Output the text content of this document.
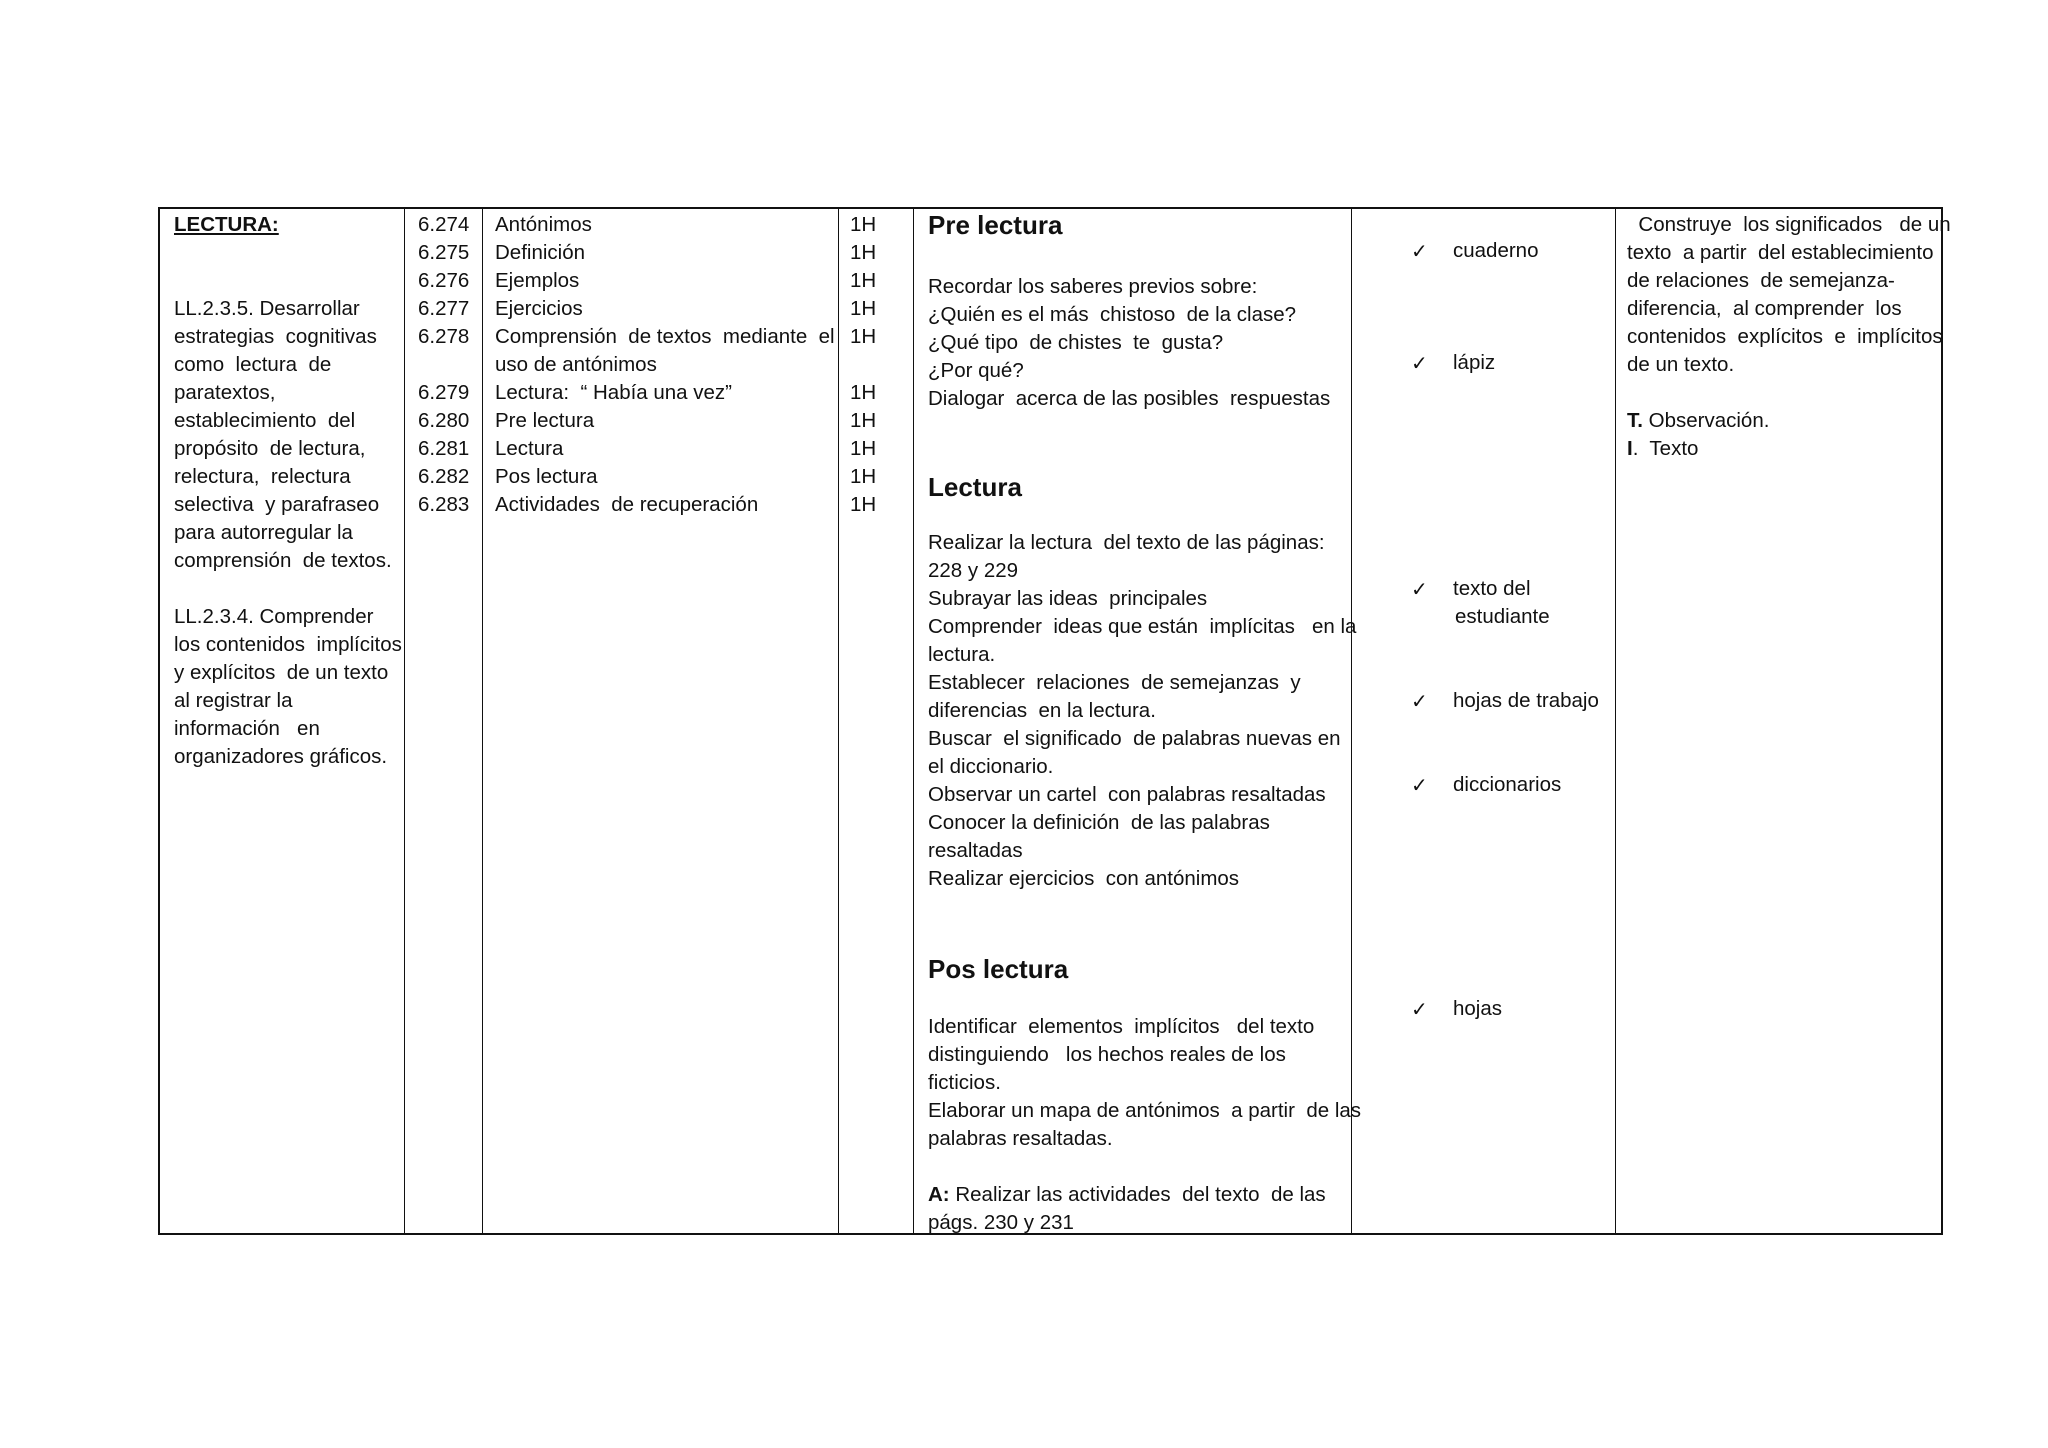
LECTURA:
LL.2.3.5. Desarrollar
estrategias  cognitivas
como  lectura  de
paratextos,
establecimiento  del
propósito  de lectura,
relectura,  relectura
selectiva  y parafraseo
para autorregular la
comprensión  de textos.
LL.2.3.4. Comprender
los contenidos  implícitos
y explícitos  de un texto
al registrar la
información   en
organizadores gráficos.
6.274
6.275
6.276
6.277
6.278
6.279
6.280
6.281
6.282
6.283
Antónimos
Definición
Ejemplos
Ejercicios
Comprensión  de textos  mediante  el
uso de antónimos
Lectura:  “ Había una vez”
Pre lectura
Lectura
Pos lectura
Actividades  de recuperación
1H
1H
1H
1H
1H
1H
1H
1H
1H
1H
Pre lectura
Recordar los saberes previos sobre:
¿Quién es el más  chistoso  de la clase?
¿Qué tipo  de chistes  te  gusta?
¿Por qué?
Dialogar  acerca de las posibles  respuestas
Lectura
Realizar la lectura  del texto de las páginas:
228 y 229
Subrayar las ideas  principales
Comprender  ideas que están  implícitas   en la
lectura.
Establecer  relaciones  de semejanzas  y
diferencias  en la lectura.
Buscar  el significado  de palabras nuevas en
el diccionario.
Observar un cartel  con palabras resaltadas
Conocer la definición  de las palabras
resaltadas
Realizar ejercicios  con antónimos
Pos lectura
Identificar  elementos  implícitos   del texto
distinguiendo   los hechos reales de los
ficticios.
Elaborar un mapa de antónimos  a partir  de las
palabras resaltadas.
A: Realizar las actividades  del texto  de las
págs. 230 y 231
✓ cuaderno
✓ lápiz
✓ texto del
estudiante
✓ hojas de trabajo
✓ diccionarios
✓ hojas
Construye  los significados   de un
texto  a partir  del establecimiento
de relaciones  de semejanza-
diferencia,  al comprender  los
contenidos  explícitos  e  implícitos
de un texto.
T. Observación.
I.  Texto
